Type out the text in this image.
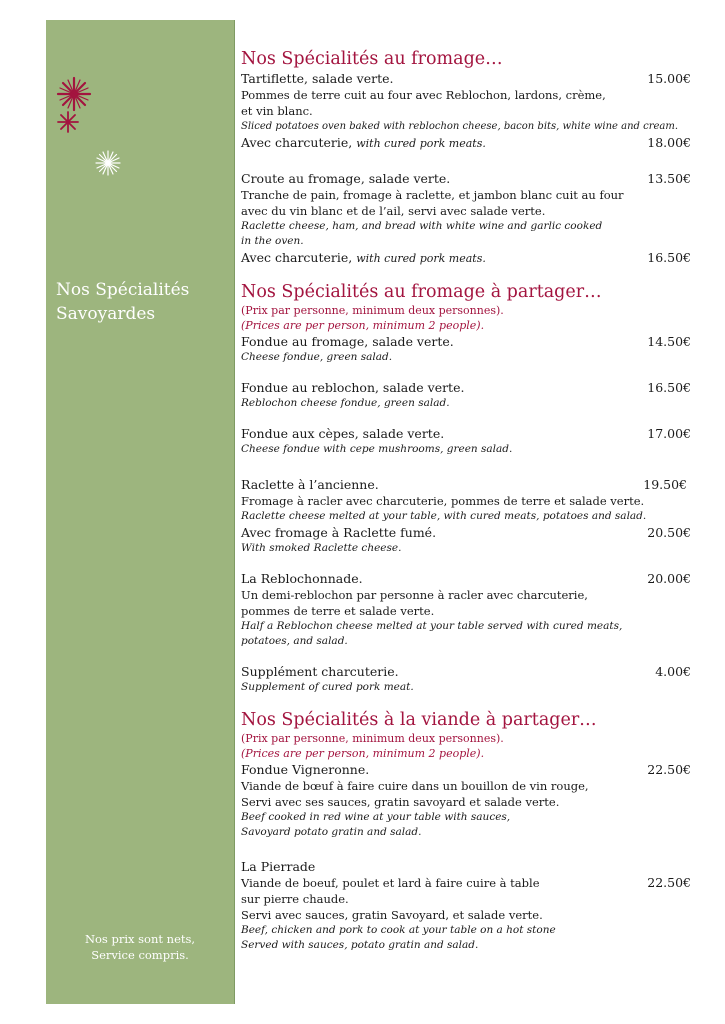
Nos Spécialités
Savoyardes
Nos prix sont nets,
Service compris.
Nos Spécialités au fromage…
Tartiflette, salade verte.	15.00€
Pommes de terre cuit au four avec Reblochon, lardons, crème,
et vin blanc.
Sliced potatoes oven baked with reblochon cheese, bacon bits, white wine and cream.
Avec charcuterie, with cured pork meats.	18.00€
Croute au fromage, salade verte.	13.50€
Tranche de pain, fromage à raclette, et jambon blanc cuit au four
avec du vin blanc et de l’ail, servi avec salade verte.
Raclette cheese, ham, and bread with white wine and garlic cooked
in the oven.
Avec charcuterie, with cured pork meats.	16.50€
Nos Spécialités au fromage à partager…
(Prix par personne, minimum deux personnes).
(Prices are per person, minimum 2 people).
Fondue au fromage, salade verte.	14.50€
Cheese fondue, green salad.
Fondue au reblochon, salade verte.	16.50€
Reblochon cheese fondue, green salad.
Fondue aux cèpes, salade verte.	17.00€
Cheese fondue with cepe mushrooms, green salad.
Raclette à l’ancienne.	19.50€
Fromage à racler avec charcuterie, pommes de terre et salade verte.
Raclette cheese melted at your table, with cured meats, potatoes and salad.
Avec fromage à Raclette fumé.	20.50€
With smoked Raclette cheese.
La Reblochonnade.	20.00€
Un demi-reblochon par personne à racler avec charcuterie,
pommes de terre et salade verte.
Half a Reblochon cheese melted at your table served with cured meats,
potatoes, and salad.
Supplément charcuterie.	4.00€
Supplement of cured pork meat.
Nos Spécialités à la viande à partager…
(Prix par personne, minimum deux personnes).
(Prices are per person, minimum 2 people).
Fondue Vigneronne.	22.50€
Viande de bœuf à faire cuire dans un bouillon de vin rouge,
Servi avec ses sauces, gratin savoyard et salade verte.
Beef cooked in red wine at your table with sauces,
Savoyard potato gratin and salad.
La Pierrade
Viande de boeuf, poulet et lard à faire cuire à table	22.50€
sur pierre chaude.
Servi avec sauces, gratin Savoyard, et salade verte.
Beef, chicken and pork to cook at your table on a hot stone
Served with sauces, potato gratin and salad.
